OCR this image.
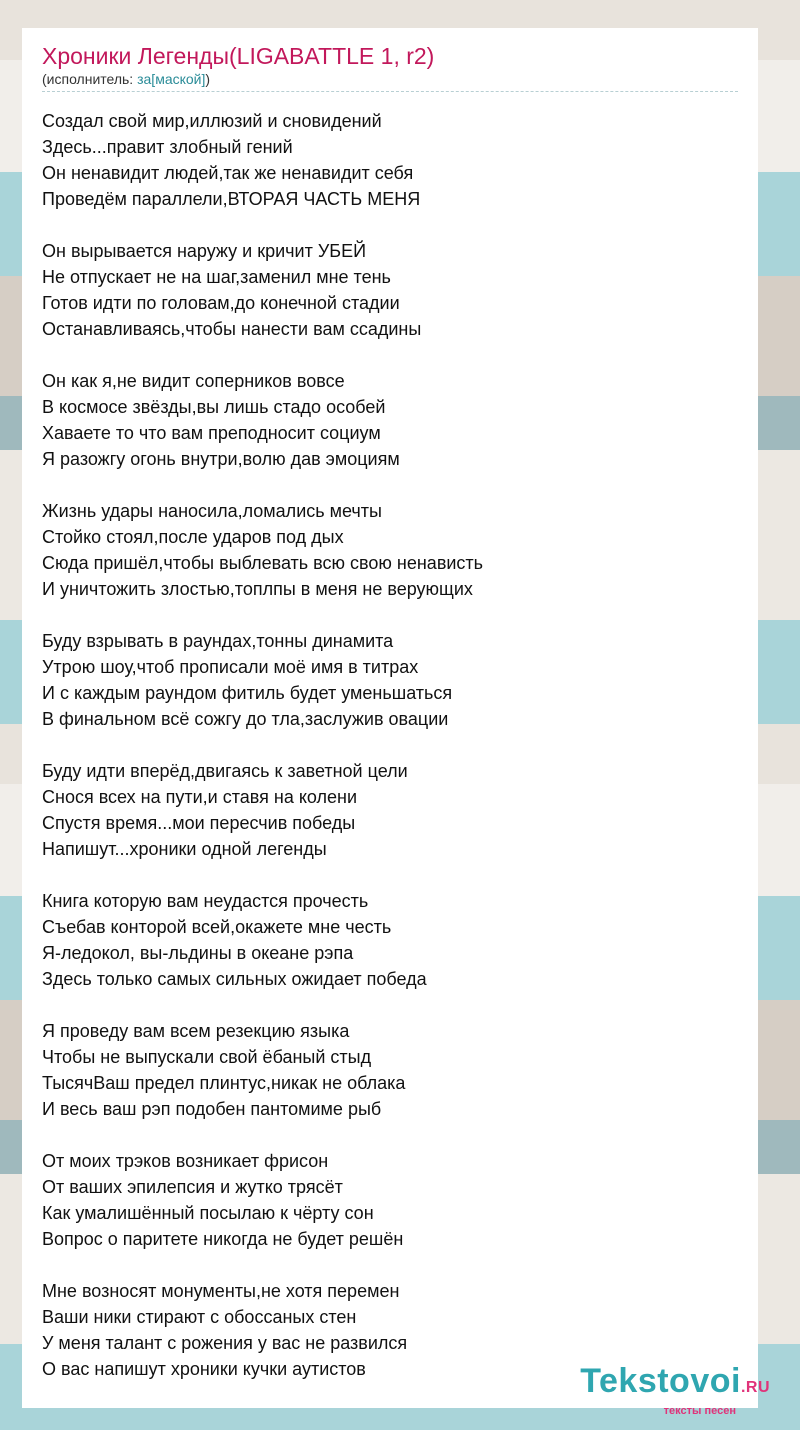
Хроники Легенды(LIGABATTLE 1, r2)
(исполнитель: за[маской])
Создал свой мир,иллюзий и сновидений
Здесь...правит злобный гений
Он ненавидит людей,так же ненавидит себя
Проведём параллели,ВТОРАЯ ЧАСТЬ МЕНЯ
Он вырывается наружу и кричит УБЕЙ
Не отпускает не на шаг,заменил мне тень
Готов идти по головам,до конечной стадии
Останавливаясь,чтобы нанести вам ссадины
Он как я,не видит соперников вовсе
В космосе звёзды,вы лишь стадо особей
Хаваете то что вам преподносит социум
Я разожгу огонь внутри,волю дав эмоциям
Жизнь удары наносила,ломались мечты
Стойко стоял,после ударов под дых
Сюда пришёл,чтобы выблевать всю свою ненависть
И уничтожить злостью,топлпы в меня не верующих
Буду взрывать в раундах,тонны динамита
Утрою шоу,чтоб прописали моё имя в титрах
И с каждым раундом фитиль будет уменьшаться
В финальном всё сожгу до тла,заслужив овации
Буду идти вперёд,двигаясь к заветной цели
Снося всех на пути,и ставя на колени
Спустя время...мои пересчив победы
Напишут...хроники одной легенды
Книга которую вам неудастся прочесть
Съебав конторой всей,окажете мне честь
Я-ледокол, вы-льдины в океане рэпа
Здесь только самых сильных ожидает победа
Я проведу вам всем резекцию языка
Чтобы не выпускали свой ёбаный стыд
ТысячВаш предел плинтус,никак не облака
И весь ваш рэп подобен пантомиме рыб
От моих трэков возникает фрисон
От ваших эпилепсия и жутко трясёт
Как умалишённый посылаю к чёрту сон
Вопрос о паритете никогда не будет решён
Мне возносят монументы,не хотя перемен
Ваши ники стирают с обоссаных стен
У меня талант с рожения у вас не развился
О вас напишут хроники кучки аутистов	Tekstovoi.RU
тексты песен
